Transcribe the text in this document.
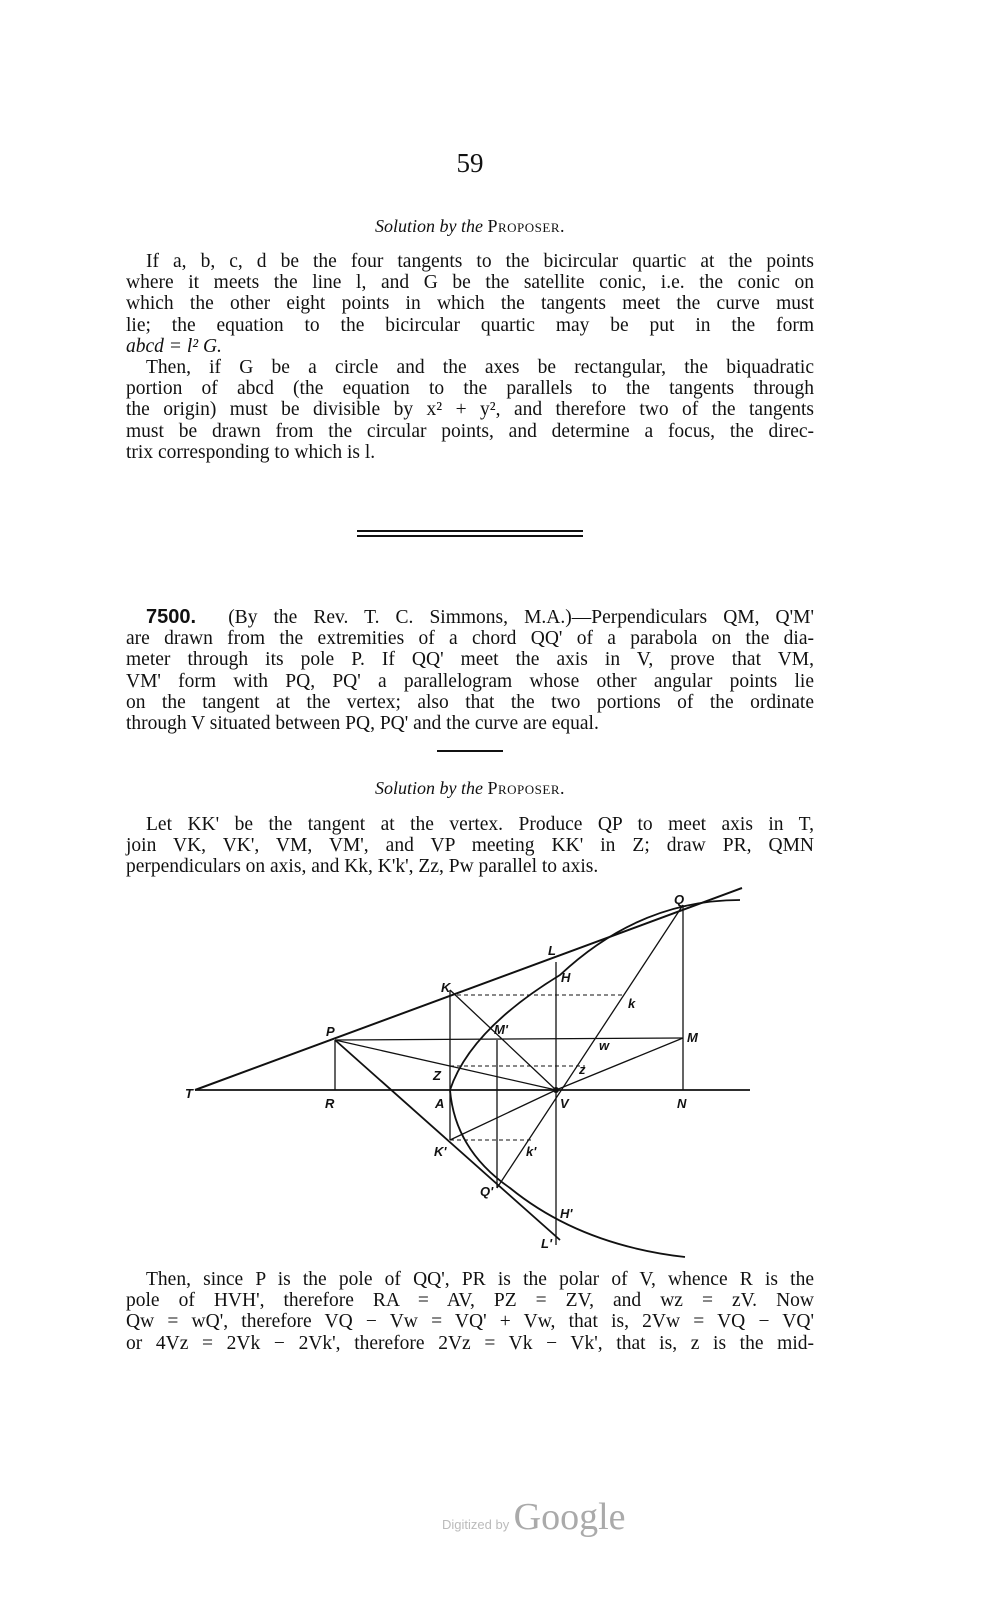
59
Solution by the Proposer.
If a, b, c, d be the four tangents to the bicircular quartic at the points
where it meets the line l, and G be the satellite conic, i.e. the conic on
which the other eight points in which the tangents meet the curve must
lie; the equation to the bicircular quartic may be put in the form
abcd = l² G.
Then, if G be a circle and the axes be rectangular, the biquadratic
portion of abcd (the equation to the parallels to the tangents through
the origin) must be divisible by x² + y², and therefore two of the tangents
must be drawn from the circular points, and determine a focus, the direc-
trix corresponding to which is l.
7500. (By the Rev. T. C. Simmons, M.A.)—Perpendiculars QM, Q'M'
are drawn from the extremities of a chord QQ' of a parabola on the dia-
meter through its pole P. If QQ' meet the axis in V, prove that VM,
VM' form with PQ, PQ' a parallelogram whose other angular points lie
on the tangent at the vertex; also that the two portions of the ordinate
through V situated between PQ, PQ' and the curve are equal.
Solution by the Proposer.
Let KK' be the tangent at the vertex. Produce QP to meet axis in T,
join VK, VK', VM, VM', and VP meeting KK' in Z; draw PR, QMN
perpendiculars on axis, and Kk, K'k', Zz, Pw parallel to axis.
T
R	A	V	N
P
K
Q
M
M'
Z
K'
Q'
H
H'
L
L'
k
k'
w
z
Then, since P is the pole of QQ', PR is the polar of V, whence R is the
pole of HVH', therefore RA = AV, PZ = ZV, and wz = zV. Now
Qw = wQ', therefore VQ − Vw = VQ' + Vw, that is, 2Vw = VQ − VQ'
or 4Vz = 2Vk − 2Vk', therefore 2Vz = Vk − Vk', that is, z is the mid-
Digitized by Google
